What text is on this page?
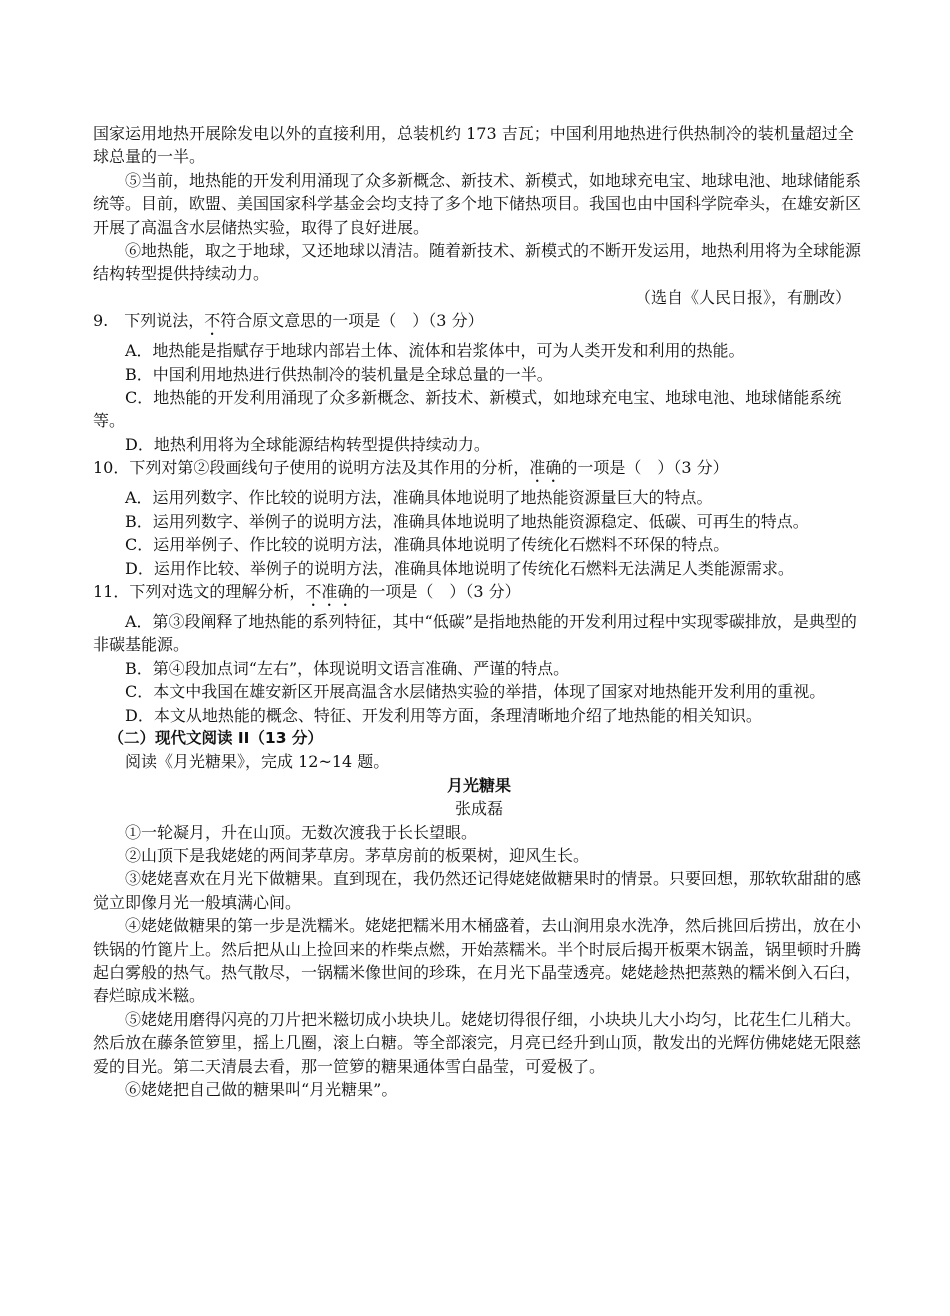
国家运用地热开展除发电以外的直接利用，总装机约 173 吉瓦；中国利用地热进行供热制冷的装机量超过全球总量的一半。

⑤当前，地热能的开发利用涌现了众多新概念、新技术、新模式，如地球充电宝、地球电池、地球储能系统等。目前，欧盟、美国国家科学基金会均支持了多个地下储热项目。我国也由中国科学院牵头，在雄安新区开展了高温含水层储热实验，取得了良好进展。

⑥地热能，取之于地球，又还地球以清洁。随着新技术、新模式的不断开发运用，地热利用将为全球能源结构转型提供持续动力。

（选自《人民日报》，有删改）

9.　下列说法，不符合原文意思的一项是（　）（3 分）

A．地热能是指赋存于地球内部岩土体、流体和岩浆体中，可为人类开发和利用的热能。

B．中国利用地热进行供热制冷的装机量是全球总量的一半。

C．地热能的开发利用涌现了众多新概念、新技术、新模式，如地球充电宝、地球电池、地球储能系统等。

D．地热利用将为全球能源结构转型提供持续动力。

10．下列对第②段画线句子使用的说明方法及其作用的分析，准确的一项是（　）（3 分）

A．运用列数字、作比较的说明方法，准确具体地说明了地热能资源量巨大的特点。

B．运用列数字、举例子的说明方法，准确具体地说明了地热能资源稳定、低碳、可再生的特点。

C．运用举例子、作比较的说明方法，准确具体地说明了传统化石燃料不环保的特点。

D．运用作比较、举例子的说明方法，准确具体地说明了传统化石燃料无法满足人类能源需求。

11．下列对选文的理解分析，不准确的一项是（　）（3 分）

A．第③段阐释了地热能的系列特征，其中“低碳”是指地热能的开发利用过程中实现零碳排放，是典型的非碳基能源。

B．第④段加点词“左右”，体现说明文语言准确、严谨的特点。

C．本文中我国在雄安新区开展高温含水层储热实验的举措，体现了国家对地热能开发利用的重视。

D．本文从地热能的概念、特征、开发利用等方面，条理清晰地介绍了地热能的相关知识。

（二）现代文阅读 II（13 分）

阅读《月光糖果》，完成 12~14 题。

月光糖果

张成磊

①一轮凝月，升在山顶。无数次渡我于长长望眼。

②山顶下是我姥姥的两间茅草房。茅草房前的板栗树，迎风生长。

③姥姥喜欢在月光下做糖果。直到现在，我仍然还记得姥姥做糖果时的情景。只要回想，那软软甜甜的感觉立即像月光一般填满心间。

④姥姥做糖果的第一步是洗糯米。姥姥把糯米用木桶盛着，去山涧用泉水洗净，然后挑回后捞出，放在小铁锅的竹篦片上。然后把从山上捡回来的柞柴点燃，开始蒸糯米。半个时辰后揭开板栗木锅盖，锅里顿时升腾起白雾般的热气。热气散尽，一锅糯米像世间的珍珠，在月光下晶莹透亮。姥姥趁热把蒸熟的糯米倒入石臼，舂烂晾成米糍。

⑤姥姥用磨得闪亮的刀片把米糍切成小块块儿。姥姥切得很仔细，小块块儿大小均匀，比花生仁儿稍大。然后放在藤条笸箩里，摇上几圈，滚上白糖。等全部滚完，月亮已经升到山顶，散发出的光辉仿佛姥姥无限慈爱的目光。第二天清晨去看，那一笸箩的糖果通体雪白晶莹，可爱极了。

⑥姥姥把自己做的糖果叫“月光糖果”。
